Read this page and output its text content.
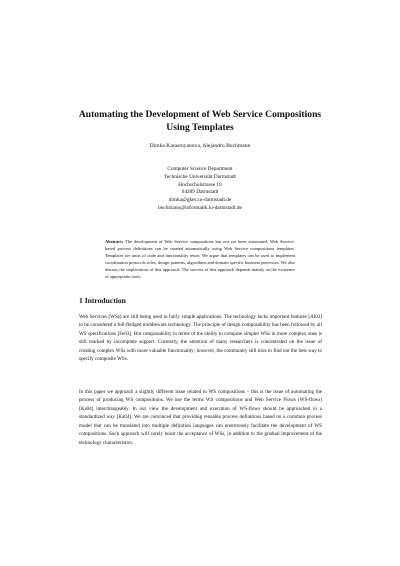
Automating the Development of Web Service Compositions
Using Templates
Dimka Karastoyanova, Alejandro Buchmann
Computer Science Department
Technische Universität Darmstadt
Hochschulstrasse 10
64289 Darmstadt
dimka@gkec.tu-darmstadt.de
buchmann@informatik.tu-darmstadt.de
Abstract: The development of Web Service compositions has not yet been automated. Web Service-based process definitions can be created automatically using Web Service compositions templates. Templates are units of code and functionality reuse. We argue that templates can be used to implement coordination protocols roles, design patterns, algorithms and domain specific business processes. We also discuss the implications of this approach. The success of this approach depends mainly on the existence of appropriate tools.
1 Introduction
Web Services (WSs) are still being used in fairly simple applications. The technology lacks important features [Al03] to be considered a full-fledged middleware technology. The principle of design composability has been followed by all WS specifications [Fe03]. But composability in terms of the ability to compose simpler WSs in more complex ones is still marked by incomplete support. Currently, the attention of many researchers is concentrated on the issue of creating complex WSs with more valuable functionality; however, the community still tries to find out the best way to specify composite WSs.
In this paper we approach a slightly different issue related to WS compositions – this is the issue of automating the process of producing WS compositions. We use the terms WS compositions and Web Service Flows (WS-flows) [Ka04] interchangeably. In our view the development and execution of WS-flows should be approached in a standardized way [Ka04]. We are convinced that providing reusable process definitions based on a common process model that can be translated into multiple definition languages can enormously facilitate the development of WS compositions. Such approach will surely boost the acceptance of WSs, in addition to the gradual improvement of the technology characteristics.
